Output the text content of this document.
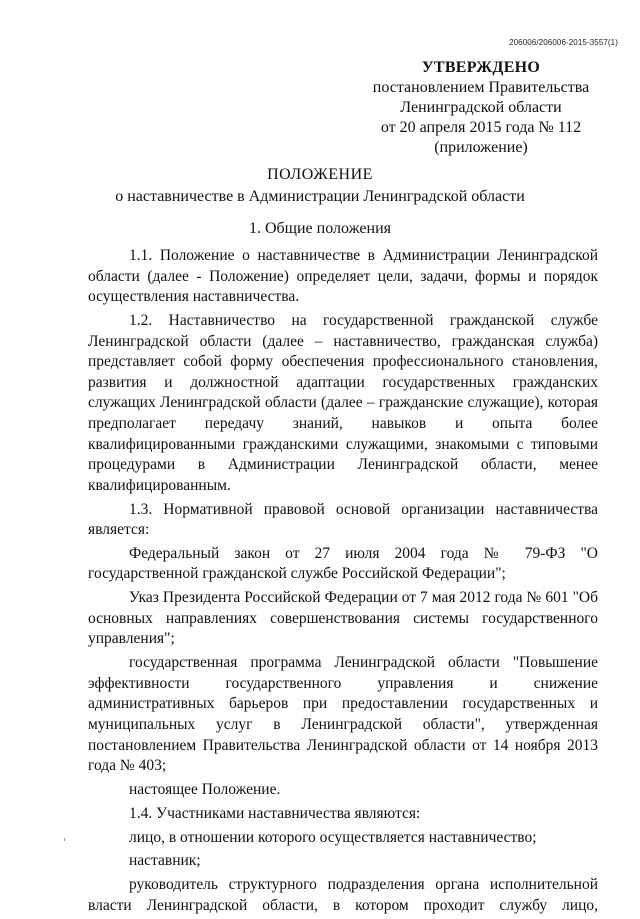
206006/206006-2015-3557(1)
УТВЕРЖДЕНО
постановлением Правительства
Ленинградской области
от 20 апреля 2015 года № 112
(приложение)
ПОЛОЖЕНИЕ
о наставничестве в Администрации Ленинградской области
1. Общие положения

1.1. Положение о наставничестве в Администрации Ленинградской области (далее - Положение) определяет цели, задачи, формы и порядок осуществления наставничества.

1.2. Наставничество на государственной гражданской службе Ленинградской области (далее – наставничество, гражданская служба) представляет собой форму обеспечения профессионального становления, развития и должностной адаптации государственных гражданских служащих Ленинградской области (далее – гражданские служащие), которая предполагает передачу знаний, навыков и опыта более квалифицированными гражданскими служащими, знакомыми с типовыми процедурами в Администрации Ленинградской области, менее квалифицированным.

1.3. Нормативной правовой основой организации наставничества является:

Федеральный закон от 27 июля 2004 года № 79-ФЗ "О государственной гражданской службе Российской Федерации";

Указ Президента Российской Федерации от 7 мая 2012 года № 601 "Об основных направлениях совершенствования системы государственного управления";

государственная программа Ленинградской области "Повышение эффективности государственного управления и снижение административных барьеров при предоставлении государственных и муниципальных услуг в Ленинградской области", утвержденная постановлением Правительства Ленинградской области от 14 ноября 2013 года № 403;

настоящее Положение.

1.4. Участниками наставничества являются:

лицо, в отношении которого осуществляется наставничество;

наставник;

руководитель структурного подразделения органа исполнительной власти Ленинградской области, в котором проходит службу лицо,
